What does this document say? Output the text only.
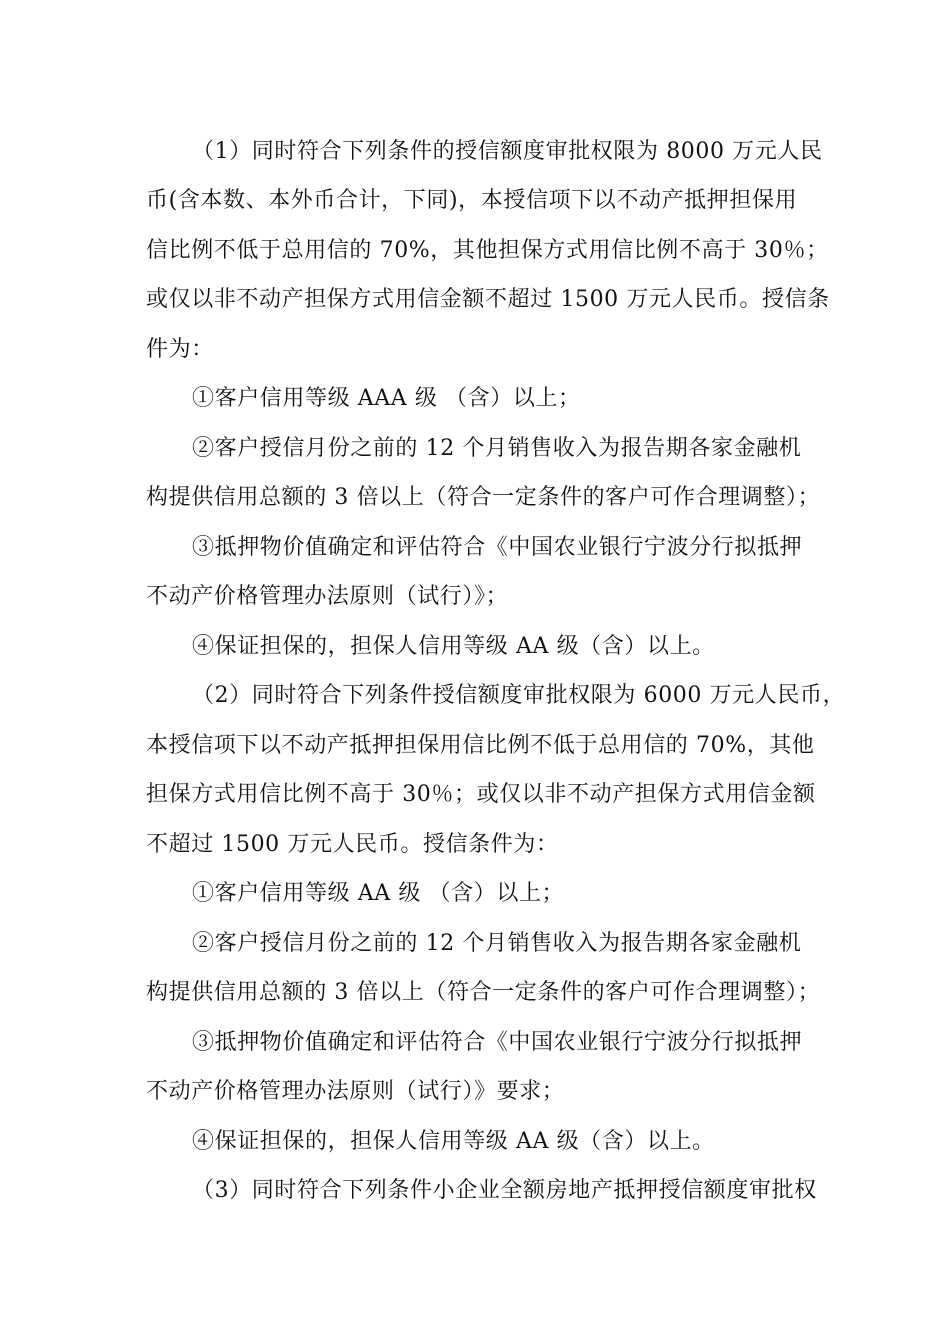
（1）同时符合下列条件的授信额度审批权限为 8000 万元人民
币(含本数、本外币合计，下同)，本授信项下以不动产抵押担保用
信比例不低于总用信的 70%，其他担保方式用信比例不高于 30％；
或仅以非不动产担保方式用信金额不超过 1500 万元人民币。授信条
件为：
①客户信用等级 AAA 级 （含）以上；
②客户授信月份之前的 12 个月销售收入为报告期各家金融机
构提供信用总额的 3 倍以上（符合一定条件的客户可作合理调整）；
③抵押物价值确定和评估符合《中国农业银行宁波分行拟抵押
不动产价格管理办法原则（试行）》；
④保证担保的，担保人信用等级 AA 级（含）以上。
（2）同时符合下列条件授信额度审批权限为 6000 万元人民币，
本授信项下以不动产抵押担保用信比例不低于总用信的 70%，其他
担保方式用信比例不高于 30％；或仅以非不动产担保方式用信金额
不超过 1500 万元人民币。授信条件为：
①客户信用等级 AA 级 （含）以上；
②客户授信月份之前的 12 个月销售收入为报告期各家金融机
构提供信用总额的 3 倍以上（符合一定条件的客户可作合理调整）；
③抵押物价值确定和评估符合《中国农业银行宁波分行拟抵押
不动产价格管理办法原则（试行）》要求；
④保证担保的，担保人信用等级 AA 级（含）以上。
（3）同时符合下列条件小企业全额房地产抵押授信额度审批权
